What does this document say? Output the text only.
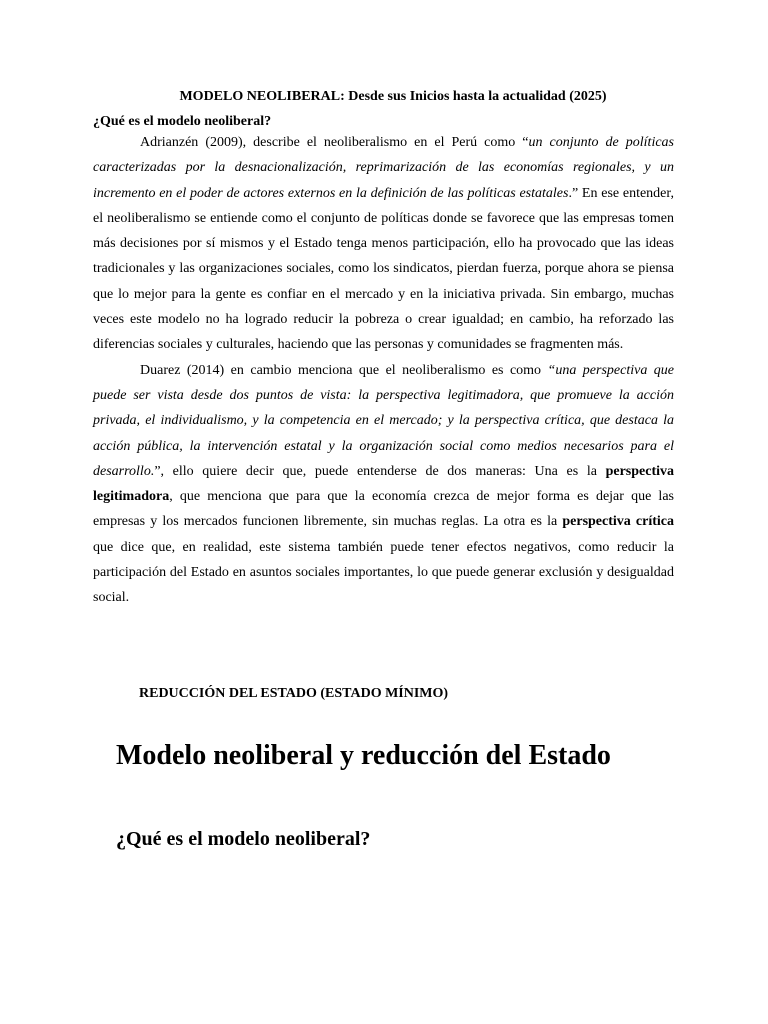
MODELO NEOLIBERAL: Desde sus Inicios hasta la actualidad (2025)
¿Qué es el modelo neoliberal?

Adrianzén (2009), describe el neoliberalismo en el Perú como “un conjunto de políticas caracterizadas por la desnacionalización, reprimarización de las economías regionales, y un incremento en el poder de actores externos en la definición de las políticas estatales.” En ese entender, el neoliberalismo se entiende como el conjunto de políticas donde se favorece que las empresas tomen más decisiones por sí mismos y el Estado tenga menos participación, ello ha provocado que las ideas tradicionales y las organizaciones sociales, como los sindicatos, pierdan fuerza, porque ahora se piensa que lo mejor para la gente es confiar en el mercado y en la iniciativa privada. Sin embargo, muchas veces este modelo no ha logrado reducir la pobreza o crear igualdad; en cambio, ha reforzado las diferencias sociales y culturales, haciendo que las personas y comunidades se fragmenten más.

Duarez (2014) en cambio menciona que el neoliberalismo es como “una perspectiva que puede ser vista desde dos puntos de vista: la perspectiva legitimadora, que promueve la acción privada, el individualismo, y la competencia en el mercado; y la perspectiva crítica, que destaca la acción pública, la intervención estatal y la organización social como medios necesarios para el desarrollo.”, ello quiere decir que, puede entenderse de dos maneras: Una es la perspectiva legitimadora, que menciona que para que la economía crezca de mejor forma es dejar que las empresas y los mercados funcionen libremente, sin muchas reglas. La otra es la perspectiva crítica que dice que, en realidad, este sistema también puede tener efectos negativos, como reducir la participación del Estado en asuntos sociales importantes, lo que puede generar exclusión y desigualdad social.

REDUCCIÓN DEL ESTADO (ESTADO MÍNIMO)
Modelo neoliberal y reducción del Estado
¿Qué es el modelo neoliberal?
